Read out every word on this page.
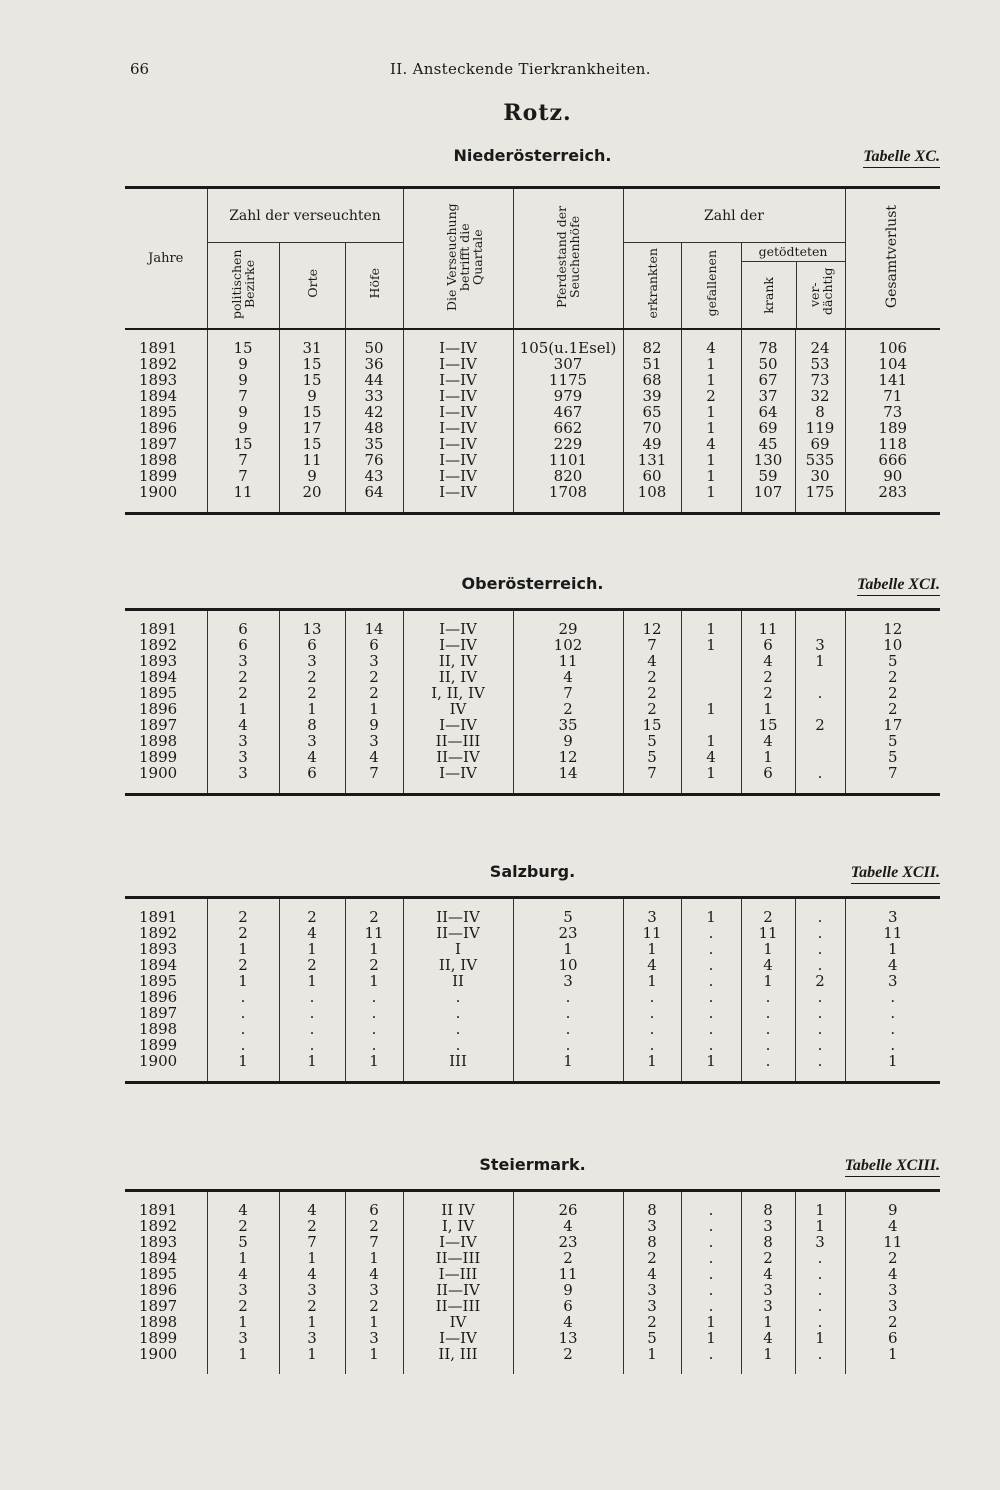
66	II. Ansteckende Tierkrankheiten.
Rotz.
Niederösterreich.	Tabelle XC.
Jahre	Zahl der verseuchten			Die Verseuchung betrifft die Quartale	Pferdestand der Seuchenhöfe	Zahl der			Gesamtverlust
	politischen Bezirke	Orte	Höfe			erkrankten	gefallenen	getödteten
krank ver- dächtig	
1891	15	31	50	I—IV	105(u.1Esel)	82	4	78	24	106
1892	9	15	36	I—IV	307	51	1	50	53	104
1893	9	15	44	I—IV	1175	68	1	67	73	141
1894	7	9	33	I—IV	979	39	2	37	32	71
1895	9	15	42	I—IV	467	65	1	64	8	73
1896	9	17	48	I—IV	662	70	1	69	119	189
1897	15	15	35	I—IV	229	49	4	45	69	118
1898	7	11	76	I—IV	1101	131	1	130	535	666
1899	7	9	43	I—IV	820	60	1	59	30	90
1900	11	20	64	I—IV	1708	108	1	107	175	283
Oberösterreich.	Tabelle XCI.
1891	6	13	14	I—IV	29	12	1	11		12
1892	6	6	6	I—IV	102	7	1	6	3	10
1893	3	3	3	II, IV	11	4		4	1	5
1894	2	2	2	II, IV	4	2		2		2
1895	2	2	2	I, II, IV	7	2		2	.	2
1896	1	1	1	IV	2	2	1	1		2
1897	4	8	9	I—IV	35	15		15	2	17
1898	3	3	3	II—III	9	5	1	4		5
1899	3	4	4	II—IV	12	5	4	1		5
1900	3	6	7	I—IV	14	7	1	6	.	7
Salzburg.	Tabelle XCII.
1891	2	2	2	II—IV	5	3	1	2	.	3
1892	2	4	11	II—IV	23	11	.	11	.	11
1893	1	1	1	I	1	1	.	1	.	1
1894	2	2	2	II, IV	10	4	.	4	.	4
1895	1	1	1	II	3	1	.	1	2	3
1896	.	.	.	.	.	.	.	.	.	.
1897	.	.	.	.	.	.	.	.	.	.
1898	.	.	.	.	.	.	.	.	.	.
1899	.	.	.	.	.	.	.	.	.	.
1900	1	1	1	III	1	1	1	.	.	1
Steiermark.	Tabelle XCIII.
1891	4	4	6	II IV	26	8	.	8	1	9
1892	2	2	2	I, IV	4	3	.	3	1	4
1893	5	7	7	I—IV	23	8	.	8	3	11
1894	1	1	1	II—III	2	2	.	2	.	2
1895	4	4	4	I—III	11	4	.	4	.	4
1896	3	3	3	II—IV	9	3	.	3	.	3
1897	2	2	2	II—III	6	3	.	3	.	3
1898	1	1	1	IV	4	2	1	1	.	2
1899	3	3	3	I—IV	13	5	1	4	1	6
1900	1	1	1	II, III	2	1	.	1	.	1
